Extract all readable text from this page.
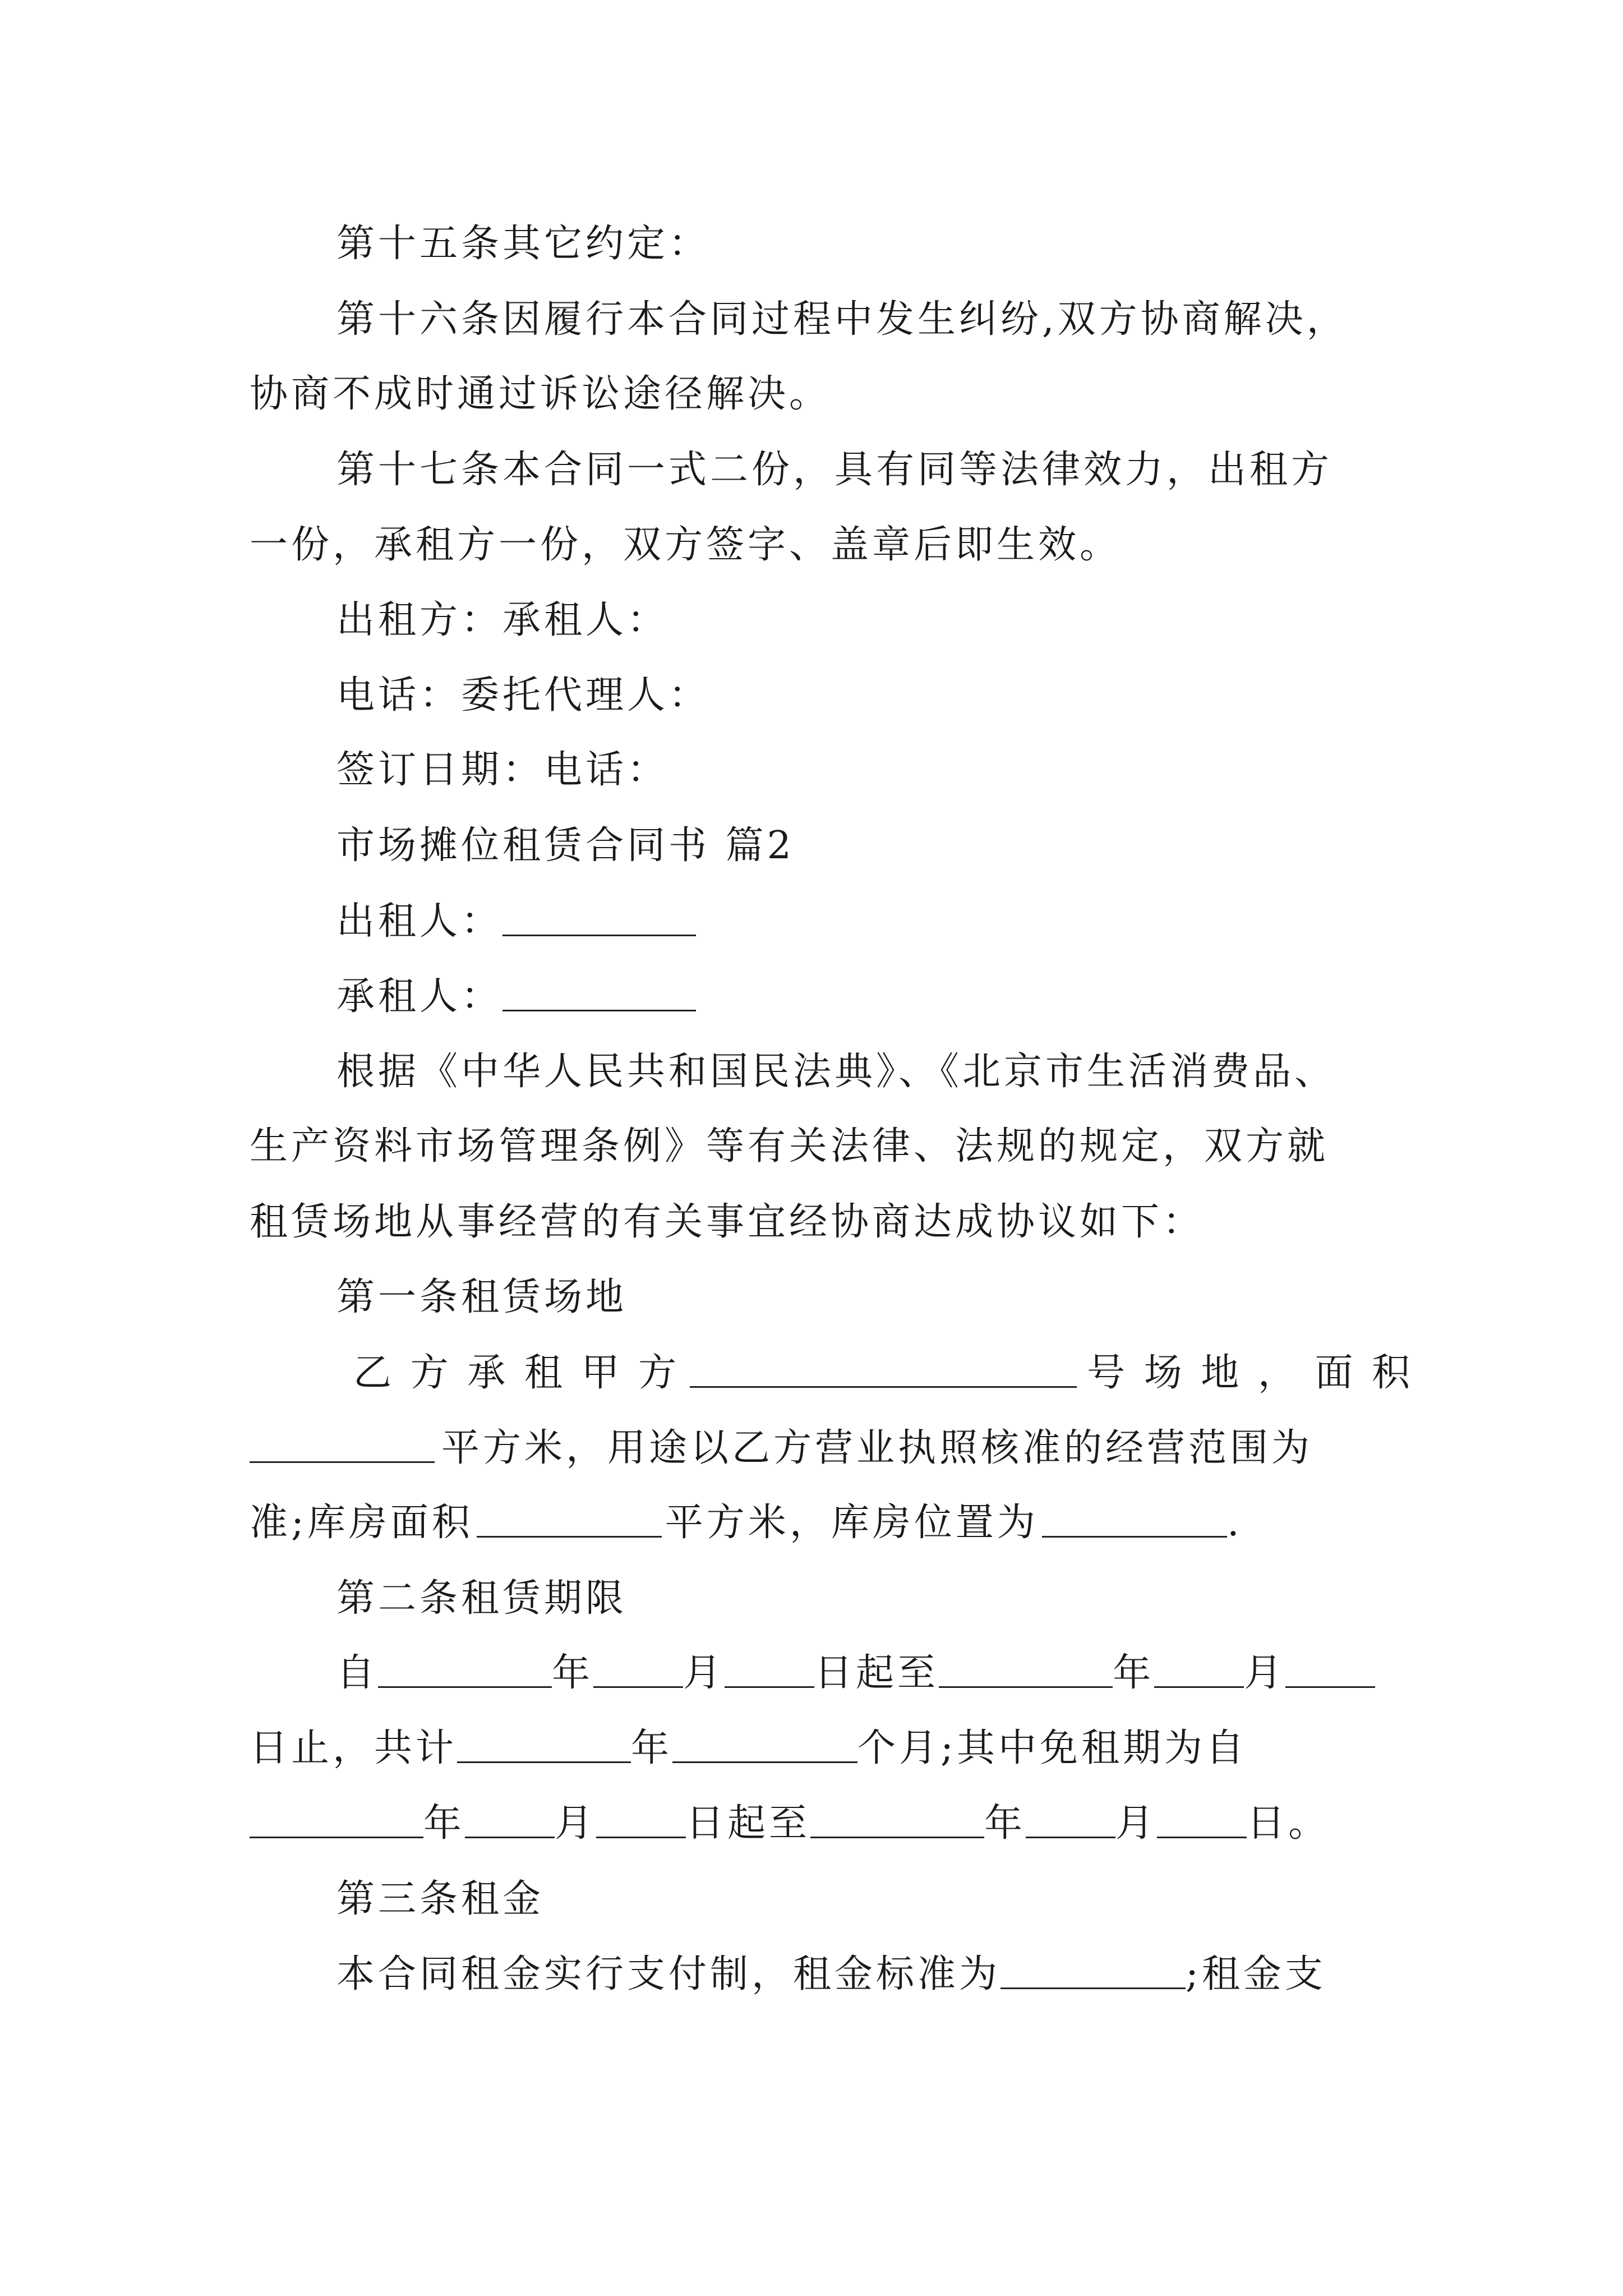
第十五条其它约定：
第十六条因履行本合同过程中发生纠纷,双方协商解决，
协商不成时通过诉讼途径解决。
第十七条本合同一式二份，具有同等法律效力，出租方
一份，承租方一份，双方签字、盖章后即生效。
出租方：承租人：
电话：委托代理人：
签订日期：电话：
市场摊位租赁合同书 篇2
出租人：
承租人：
根据《中华人民共和国民法典》、《北京市生活消费品、
生产资料市场管理条例》等有关法律、法规的规定，双方就
租赁场地从事经营的有关事宜经协商达成协议如下：
第一条租赁场地
乙 方 承 租 甲 方	号 场 地 ， 面 积
平方米，用途以乙方营业执照核准的经营范围为
准;库房面积	平方米，库房位置为	.
第二条租赁期限
自	年 月 日起至	年 月
日止，共计	年	个月;其中免租期为自
年 月 日起至	年 月 日。
第三条租金
本合同租金实行支付制，租金标准为	;租金支
